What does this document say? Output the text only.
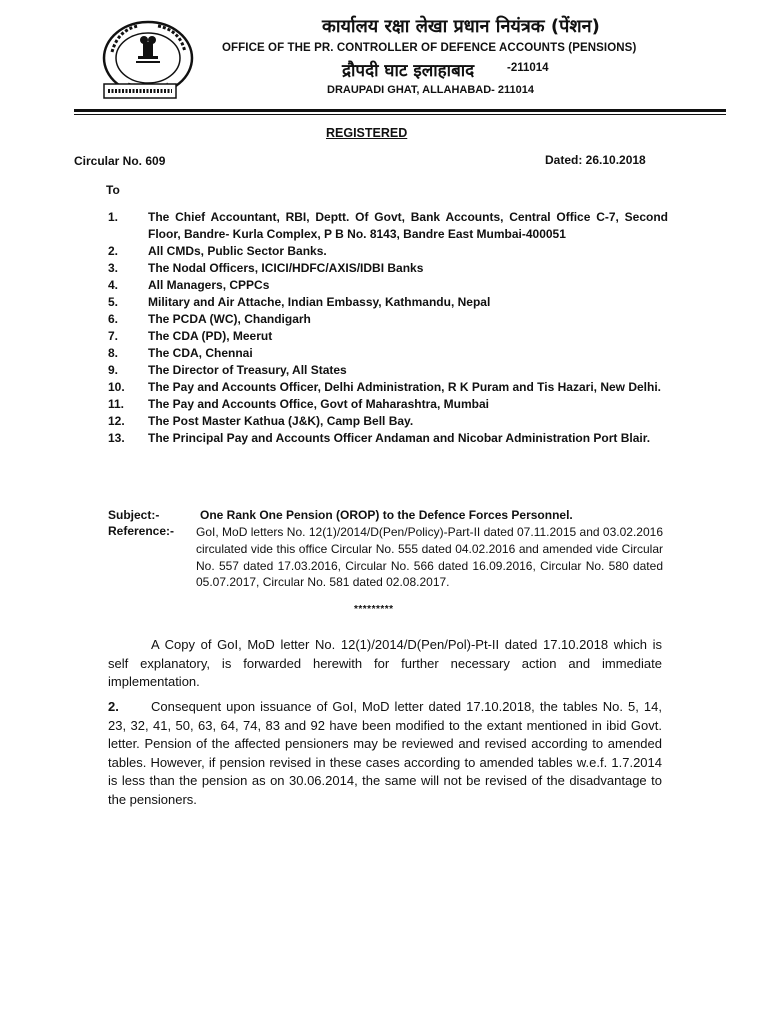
कार्यालय रक्षा लेखा प्रधान नियंत्रक (पेंशन)
OFFICE OF THE PR. CONTROLLER OF DEFENCE ACCOUNTS (PENSIONS)
द्रौपदी घाट इलाहाबाद	-211014
DRAUPADI GHAT, ALLAHABAD- 211014
REGISTERED
Circular No. 609	Dated: 26.10.2018
To
1.	The Chief Accountant, RBI, Deptt. Of Govt, Bank Accounts, Central Office C-7, Second Floor, Bandre- Kurla Complex, P B No. 8143, Bandre East Mumbai-400051
2.	All CMDs, Public Sector Banks.
3.	The Nodal Officers, ICICI/HDFC/AXIS/IDBI Banks
4.	All Managers, CPPCs
5.	Military and Air Attache, Indian Embassy, Kathmandu, Nepal
6.	The PCDA (WC), Chandigarh
7.	The CDA (PD), Meerut
8.	The CDA, Chennai
9.	The Director of Treasury, All States
10.	The Pay and Accounts Officer, Delhi Administration, R K Puram and Tis Hazari, New Delhi.
11.	The Pay and Accounts Office, Govt of Maharashtra, Mumbai
12.	The Post Master Kathua (J&K), Camp Bell Bay.
13.	The Principal Pay and Accounts Officer Andaman and Nicobar Administration Port Blair.
Subject:-	One Rank One Pension (OROP) to the Defence Forces Personnel.
Reference:-	GoI, MoD letters No. 12(1)/2014/D(Pen/Policy)-Part-II dated 07.11.2015 and 03.02.2016 circulated vide this office Circular No. 555 dated 04.02.2016 and amended vide Circular No. 557 dated 17.03.2016, Circular No. 566 dated 16.09.2016, Circular No. 580 dated 05.07.2017, Circular No. 581 dated 02.08.2017.
*********
A Copy of GoI, MoD letter No. 12(1)/2014/D(Pen/Pol)-Pt-II dated 17.10.2018 which is self explanatory, is forwarded herewith for further necessary action and immediate implementation.
2. Consequent upon issuance of GoI, MoD letter dated 17.10.2018, the tables No. 5, 14, 23, 32, 41, 50, 63, 64, 74, 83 and 92 have been modified to the extant mentioned in ibid Govt. letter. Pension of the affected pensioners may be reviewed and revised according to amended tables. However, if pension revised in these cases according to amended tables w.e.f. 1.7.2014 is less than the pension as on 30.06.2014, the same will not be revised of the disadvantage to the pensioners.
